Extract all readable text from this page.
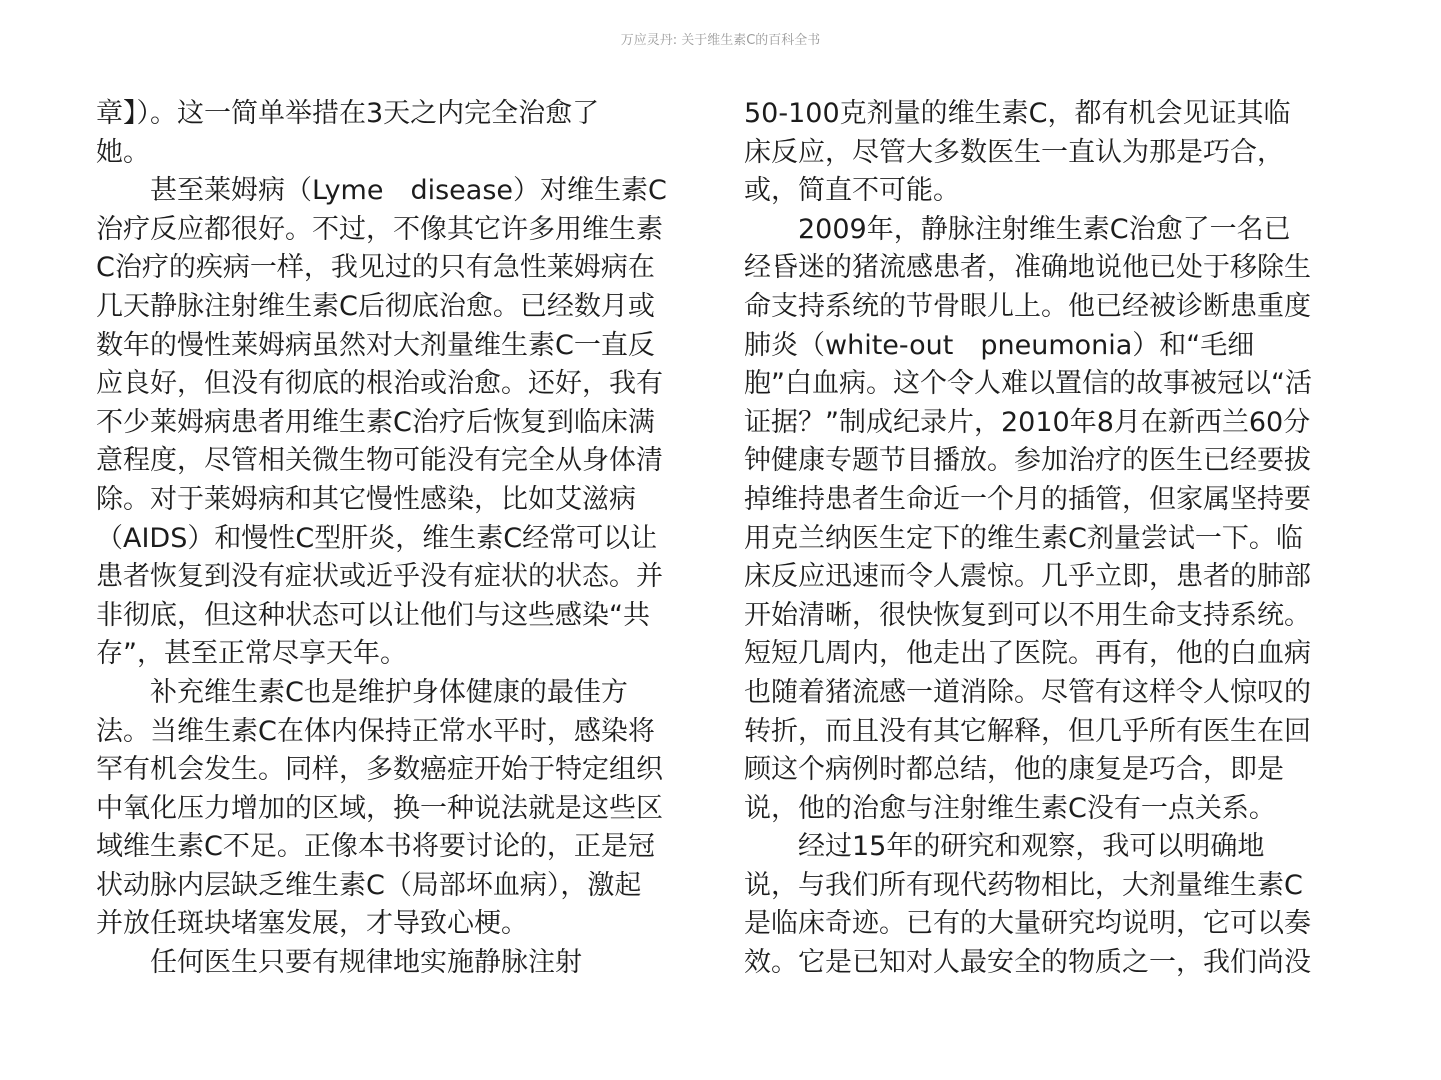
万应灵丹: 关于维生素C的百科全书
章】）。这一简单举措在3天之内完全治愈了
她。
　　甚至莱姆病（Lyme　disease）对维生素C
治疗反应都很好。不过，不像其它许多用维生素
C治疗的疾病一样，我见过的只有急性莱姆病在
几天静脉注射维生素C后彻底治愈。已经数月或
数年的慢性莱姆病虽然对大剂量维生素C一直反
应良好，但没有彻底的根治或治愈。还好，我有
不少莱姆病患者用维生素C治疗后恢复到临床满
意程度，尽管相关微生物可能没有完全从身体清
除。对于莱姆病和其它慢性感染，比如艾滋病
（AIDS）和慢性C型肝炎，维生素C经常可以让
患者恢复到没有症状或近乎没有症状的状态。并
非彻底，但这种状态可以让他们与这些感染“共
存”，甚至正常尽享天年。
　　补充维生素C也是维护身体健康的最佳方
法。当维生素C在体内保持正常水平时，感染将
罕有机会发生。同样，多数癌症开始于特定组织
中氧化压力增加的区域，换一种说法就是这些区
域维生素C不足。正像本书将要讨论的，正是冠
状动脉内层缺乏维生素C（局部坏血病），激起
并放任斑块堵塞发展，才导致心梗。
　　任何医生只要有规律地实施静脉注射
50-100克剂量的维生素C，都有机会见证其临
床反应，尽管大多数医生一直认为那是巧合，
或，简直不可能。
　　2009年，静脉注射维生素C治愈了一名已
经昏迷的猪流感患者，准确地说他已处于移除生
命支持系统的节骨眼儿上。他已经被诊断患重度
肺炎（white-out　pneumonia）和“毛细
胞”白血病。这个令人难以置信的故事被冠以“活
证据？”制成纪录片，2010年8月在新西兰60分
钟健康专题节目播放。参加治疗的医生已经要拔
掉维持患者生命近一个月的插管，但家属坚持要
用克兰纳医生定下的维生素C剂量尝试一下。临
床反应迅速而令人震惊。几乎立即，患者的肺部
开始清晰，很快恢复到可以不用生命支持系统。
短短几周内，他走出了医院。再有，他的白血病
也随着猪流感一道消除。尽管有这样令人惊叹的
转折，而且没有其它解释，但几乎所有医生在回
顾这个病例时都总结，他的康复是巧合，即是
说，他的治愈与注射维生素C没有一点关系。
　　经过15年的研究和观察，我可以明确地
说，与我们所有现代药物相比，大剂量维生素C
是临床奇迹。已有的大量研究均说明，它可以奏
效。它是已知对人最安全的物质之一，我们尚没
